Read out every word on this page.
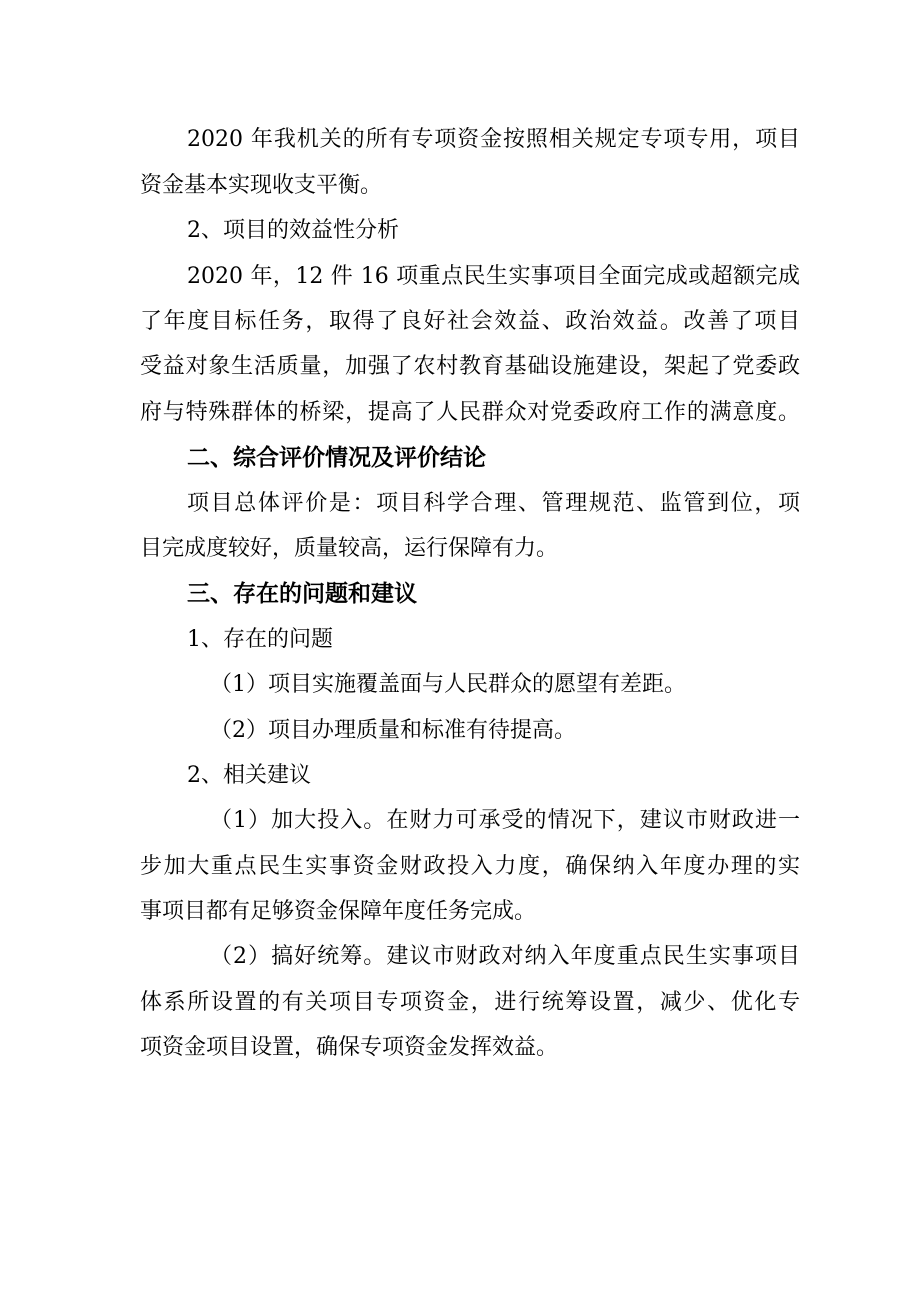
2020 年我机关的所有专项资金按照相关规定专项专用，项目
资金基本实现收支平衡。
2、项目的效益性分析
2020 年，12 件 16 项重点民生实事项目全面完成或超额完成
了年度目标任务，取得了良好社会效益、政治效益。改善了项目
受益对象生活质量，加强了农村教育基础设施建设，架起了党委政
府与特殊群体的桥梁，提高了人民群众对党委政府工作的满意度。
二、综合评价情况及评价结论
项目总体评价是：项目科学合理、管理规范、监管到位，项
目完成度较好，质量较高，运行保障有力。
三、存在的问题和建议
1、存在的问题
（1）项目实施覆盖面与人民群众的愿望有差距。
（2）项目办理质量和标准有待提高。
2、相关建议
（1）加大投入。在财力可承受的情况下，建议市财政进一
步加大重点民生实事资金财政投入力度，确保纳入年度办理的实
事项目都有足够资金保障年度任务完成。
（2）搞好统筹。建议市财政对纳入年度重点民生实事项目
体系所设置的有关项目专项资金，进行统筹设置，减少、优化专
项资金项目设置，确保专项资金发挥效益。
